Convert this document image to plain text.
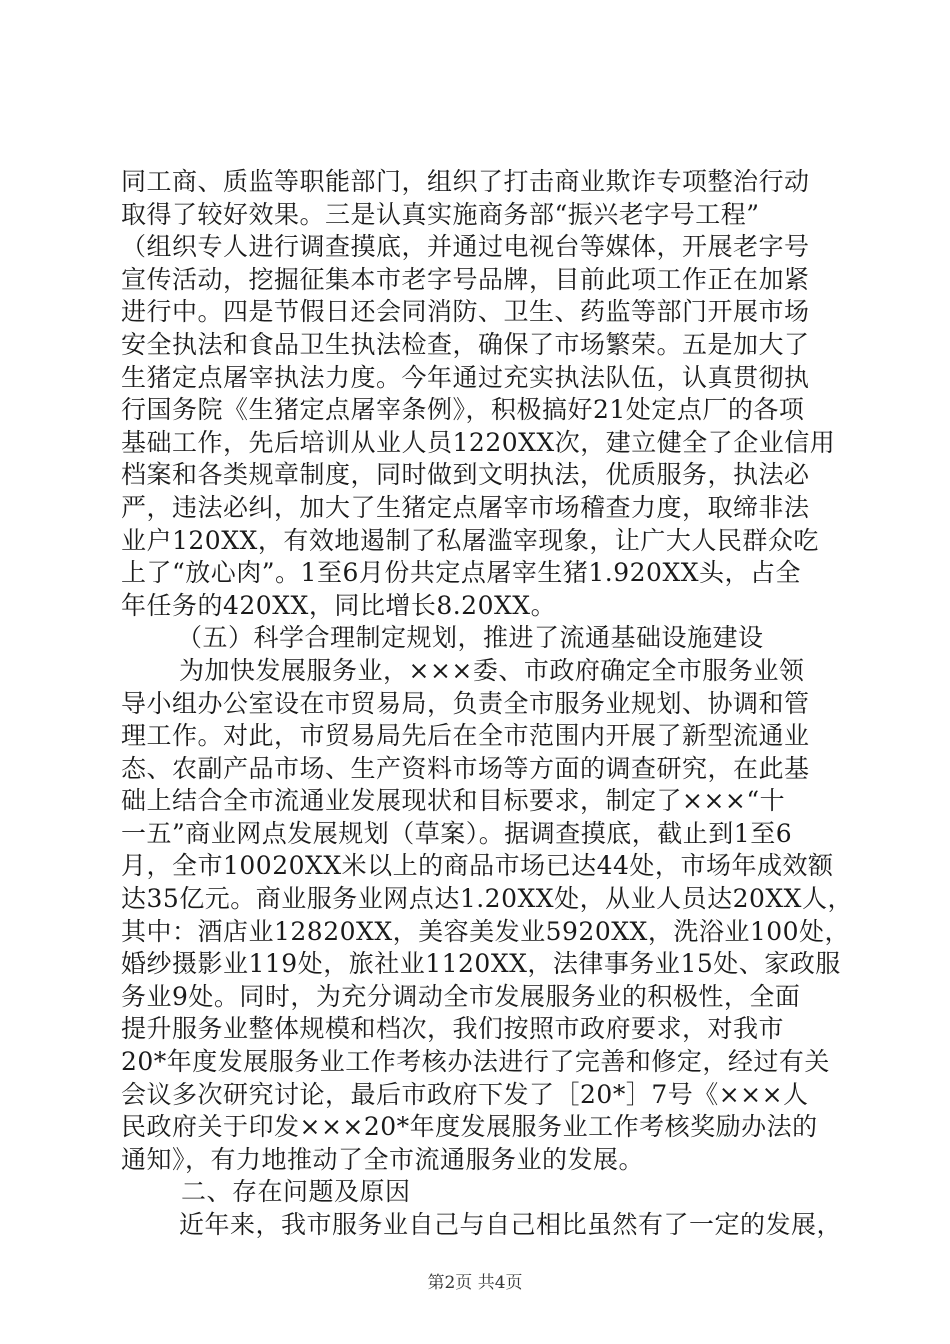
同工商、质监等职能部门，组织了打击商业欺诈专项整治行动
取得了较好效果。三是认真实施商务部“振兴老字号工程”
（组织专人进行调查摸底，并通过电视台等媒体，开展老字号
宣传活动，挖掘征集本市老字号品牌，目前此项工作正在加紧
进行中。四是节假日还会同消防、卫生、药监等部门开展市场
安全执法和食品卫生执法检查，确保了市场繁荣。五是加大了
生猪定点屠宰执法力度。今年通过充实执法队伍，认真贯彻执
行国务院《生猪定点屠宰条例》，积极搞好21处定点厂的各项
基础工作，先后培训从业人员1220XX次，建立健全了企业信用
档案和各类规章制度，同时做到文明执法，优质服务，执法必
严，违法必纠，加大了生猪定点屠宰市场稽查力度，取缔非法
业户120XX，有效地遏制了私屠滥宰现象，让广大人民群众吃
上了“放心肉”。1至6月份共定点屠宰生猪1.920XX头，占全
年任务的420XX，同比增长8.20XX。
（五）科学合理制定规划，推进了流通基础设施建设
为加快发展服务业，×××委、市政府确定全市服务业领
导小组办公室设在市贸易局，负责全市服务业规划、协调和管
理工作。对此，市贸易局先后在全市范围内开展了新型流通业
态、农副产品市场、生产资料市场等方面的调查研究，在此基
础上结合全市流通业发展现状和目标要求，制定了×××“十
一五”商业网点发展规划（草案）。据调查摸底，截止到1至6
月，全市10020XX米以上的商品市场已达44处，市场年成效额
达35亿元。商业服务业网点达1.20XX处，从业人员达20XX人，
其中：酒店业12820XX，美容美发业5920XX，洗浴业100处，
婚纱摄影业119处，旅社业1120XX，法律事务业15处、家政服
务业9处。同时，为充分调动全市发展服务业的积极性，全面
提升服务业整体规模和档次，我们按照市政府要求，对我市
20*年度发展服务业工作考核办法进行了完善和修定，经过有关
会议多次研究讨论，最后市政府下发了［20*］7号《×××人
民政府关于印发×××20*年度发展服务业工作考核奖励办法的
通知》，有力地推动了全市流通服务业的发展。
二、存在问题及原因
近年来，我市服务业自己与自己相比虽然有了一定的发展，
第2页 共4页
